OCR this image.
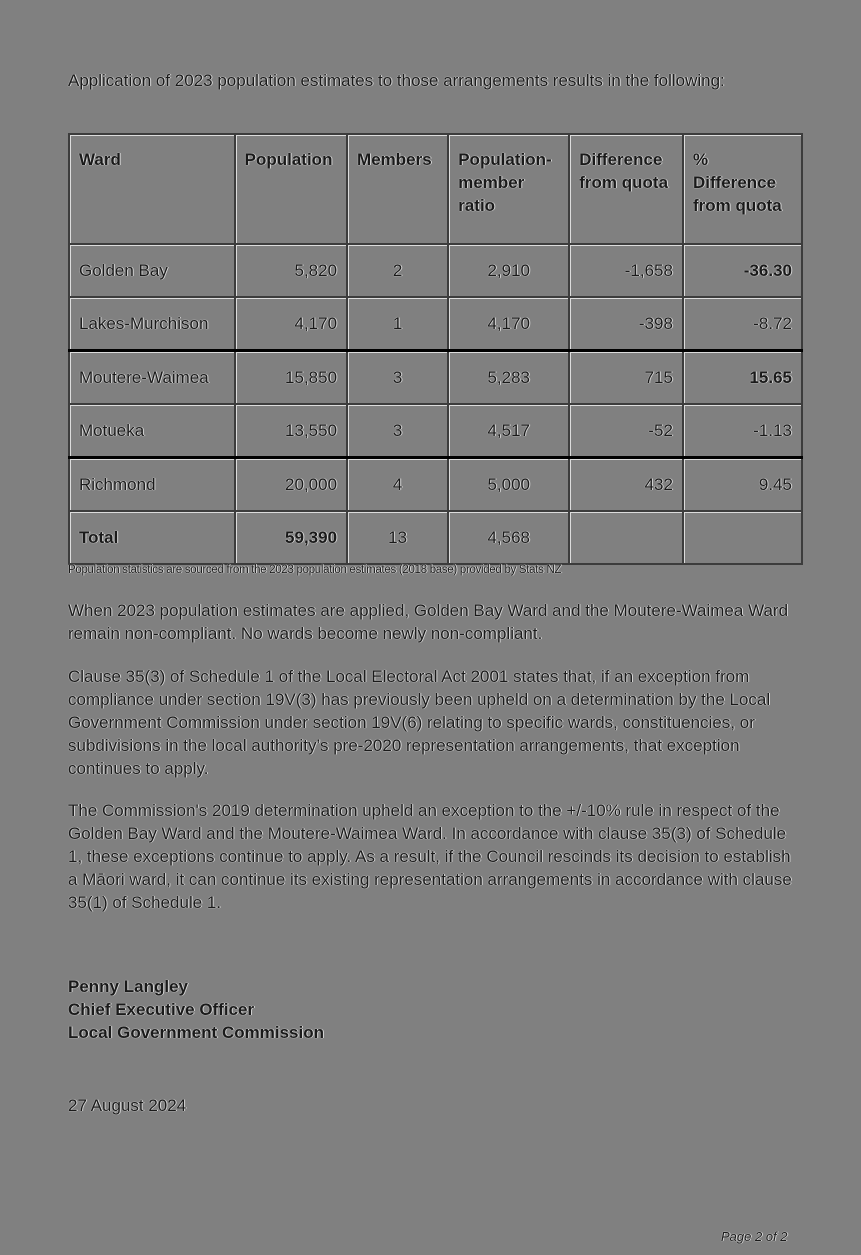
Application of 2023 population estimates to those arrangements results in the following:
Ward	Population	Members	Population-member ratio	Difference from quota	% Difference from quota
Golden Bay	5,820	2	2,910	-1,658	-36.30
Lakes-Murchison	4,170	1	4,170	-398	-8.72
Moutere-Waimea	15,850	3	5,283	715	15.65
Motueka	13,550	3	4,517	-52	-1.13
Richmond	20,000	4	5,000	432	9.45
Total	59,390	13	4,568		
Population statistics are sourced from the 2023 population estimates (2018 base) provided by Stats NZ

When 2023 population estimates are applied, Golden Bay Ward and the Moutere-Waimea Ward remain non-compliant. No wards become newly non-compliant.

Clause 35(3) of Schedule 1 of the Local Electoral Act 2001 states that, if an exception from compliance under section 19V(3) has previously been upheld on a determination by the Local Government Commission under section 19V(6) relating to specific wards, constituencies, or subdivisions in the local authority’s pre-2020 representation arrangements, that exception continues to apply.

The Commission's 2019 determination upheld an exception to the +/-10% rule in respect of the Golden Bay Ward and the Moutere-Waimea Ward. In accordance with clause 35(3) of Schedule 1, these exceptions continue to apply. As a result, if the Council rescinds its decision to establish a Māori ward, it can continue its existing representation arrangements in accordance with clause 35(1) of Schedule 1.

Penny Langley
Chief Executive Officer
Local Government Commission
27 August 2024
Page 2 of 2
